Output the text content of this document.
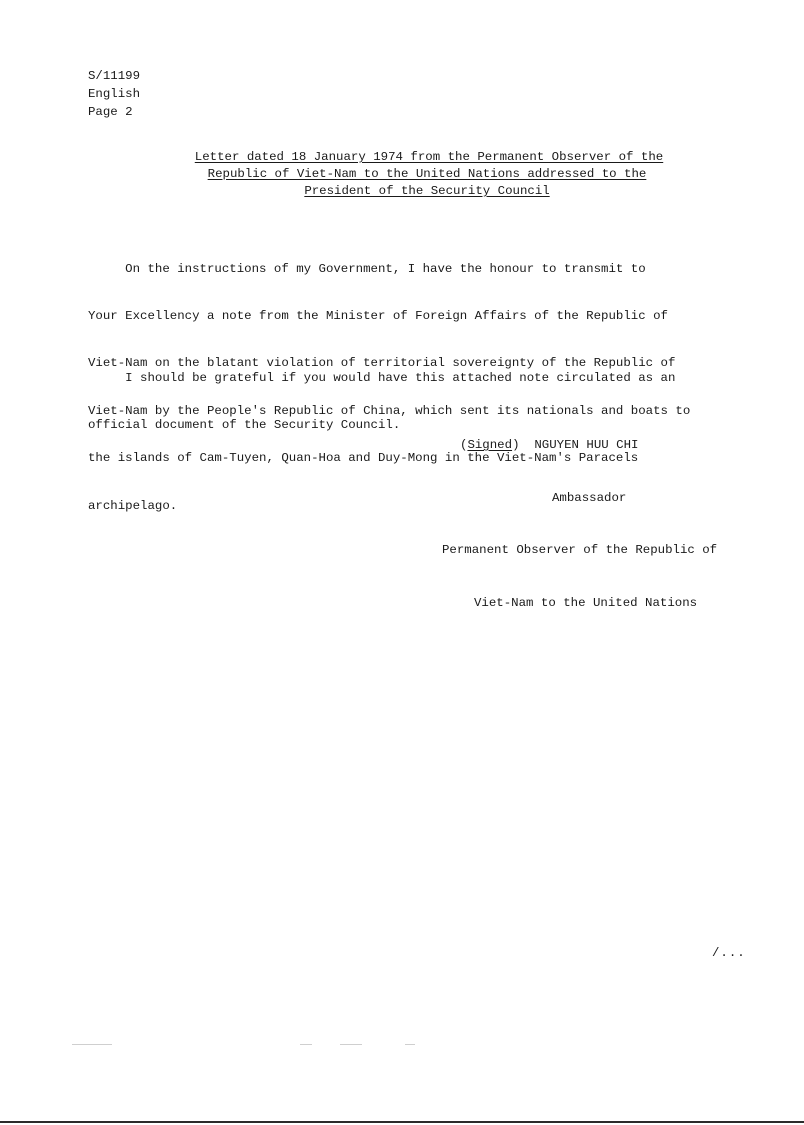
S/11199
English
Page 2
Letter dated 18 January 1974 from the Permanent Observer of the
Republic of Viet-Nam to the United Nations addressed to the
President of the Security Council

On the instructions of my Government, I have the honour to transmit to

Your Excellency a note from the Minister of Foreign Affairs of the Republic of

Viet-Nam on the blatant violation of territorial sovereignty of the Republic of

Viet-Nam by the People's Republic of China, which sent its nationals and boats to

the islands of Cam-Tuyen, Quan-Hoa and Duy-Mong in the Viet-Nam's Paracels

archipelago.

I should be grateful if you would have this attached note circulated as an

official document of the Security Council.

(Signed)  NGUYEN HUU CHI

Ambassador

Permanent Observer of the Republic of

Viet-Nam to the United Nations

/...
